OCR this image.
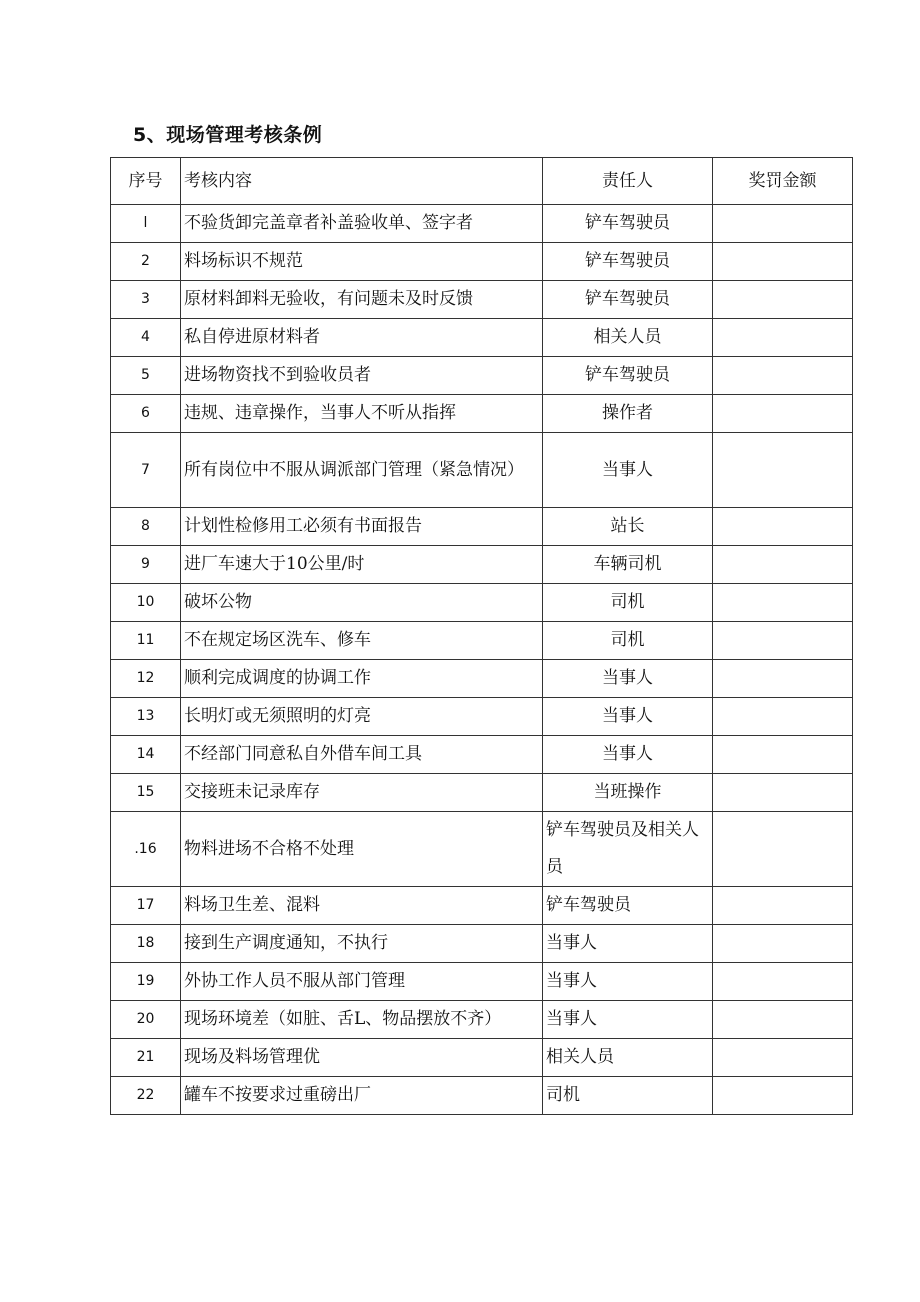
5、现场管理考核条例
序号	考核内容	责任人	奖罚金额
l	不验货卸完盖章者补盖验收单、签字者	铲车驾驶员	
2	料场标识不规范	铲车驾驶员	
3	原材料卸料无验收，有问题未及时反馈	铲车驾驶员	
4	私自停进原材料者	相关人员	
5	进场物资找不到验收员者	铲车驾驶员	
6	违规、违章操作，当事人不听从指挥	操作者	
7	所有岗位中不服从调派部门管理（紧急情况）	当事人	
8	计划性检修用工必须有书面报告	站长	
9	进厂车速大于10公里/时	车辆司机	
10	破坏公物	司机	
11	不在规定场区洗车、修车	司机	
12	顺利完成调度的协调工作	当事人	
13	长明灯或无须照明的灯亮	当事人	
14	不经部门同意私自外借车间工具	当事人	
15	交接班未记录库存	当班操作	
.16	物料进场不合格不处理	铲车驾驶员及相关人员	
17	料场卫生差、混料	铲车驾驶员	
18	接到生产调度通知，不执行	当事人	
19	外协工作人员不服从部门管理	当事人	
20	现场环境差（如脏、舌L、物品摆放不齐）	当事人	
21	现场及料场管理优	相关人员	
22	罐车不按要求过重磅出厂	司机	
